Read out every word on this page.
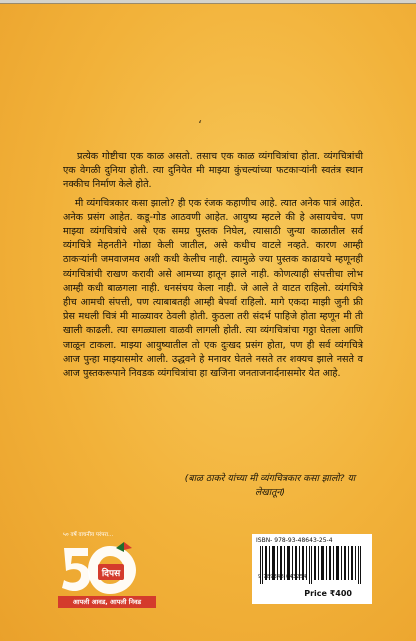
‘

प्रत्येक गोष्टीचा एक काळ असतो. तसाच एक काळ व्यंगचित्रांचा होता. व्यंगचित्रांची एक वेगळी दुनिया होती. त्या दुनियेत मी माझ्या कुंचल्यांच्या फटकार्‍यांनी स्वतंत्र स्थान नक्कीच निर्माण केले होते.

मी व्यंगचित्रकार कसा झालो? ही एक रंजक कहाणीच आहे. त्यात अनेक पात्रं आहेत. अनेक प्रसंग आहेत. कडू-गोड आठवणी आहेत. आयुष्य म्हटले की हे असायचेच. पण माझ्या व्यंगचित्रांचे असे एक समग्र पुस्तक निघेल, त्यासाठी जुन्या काळातील सर्व व्यंगचित्रे मेहनतीने गोळा केली जातील, असे कधीच वाटले नव्हते. कारण आम्ही ठाकर्‍यांनी जमवाजमव अशी कधी केलीच नाही. त्यामुळे ज्या पुस्तक काढायचे म्हणूनही व्यंगचित्रांची राखण करावी असे आमच्या हातून झाले नाही. कोणत्याही संपत्तीचा लोभ आम्ही कधी बाळगला नाही. धनसंचय केला नाही. जे आले ते वाटत राहिलो. व्यंगचित्रे हीच आमची संपत्ती, पण त्याबाबतही आम्ही बेपर्वा राहिलो. मागे एकदा माझी जुनी फ्री प्रेस मधली चित्रं मी माळ्यावर ठेवली होती. कुठला तरी संदर्भ पाहिजे होता म्हणून मी ती खाली काढली. त्या सगळ्याला वाळवी लागली होती. त्या व्यंगचित्रांचा गठ्ठा घेतला आणि जाळून टाकला. माझ्या आयुष्यातील तो एक दुःखद प्रसंग होता, पण ही सर्व व्यंगचित्रे आज पुन्हा माझ्यासमोर आली. उद्धवने हे मनावर घेतले नसते तर शक्यच झाले नसते व आज पुस्तकरूपाने निवडक व्यंगचित्रांचा हा खजिना जनताजनार्दनासमोर येत आहे.

(बाळ ठाकरे यांच्या मी व्यंगचित्रकार कसा झालो? या लेखातून)
५० वर्षे वाचनीय परंपरा...
दिपस
आपली आवड, आपली निवड
ISBN- 978-93-48643-25-4
9 789348 643254
Price ₹400
